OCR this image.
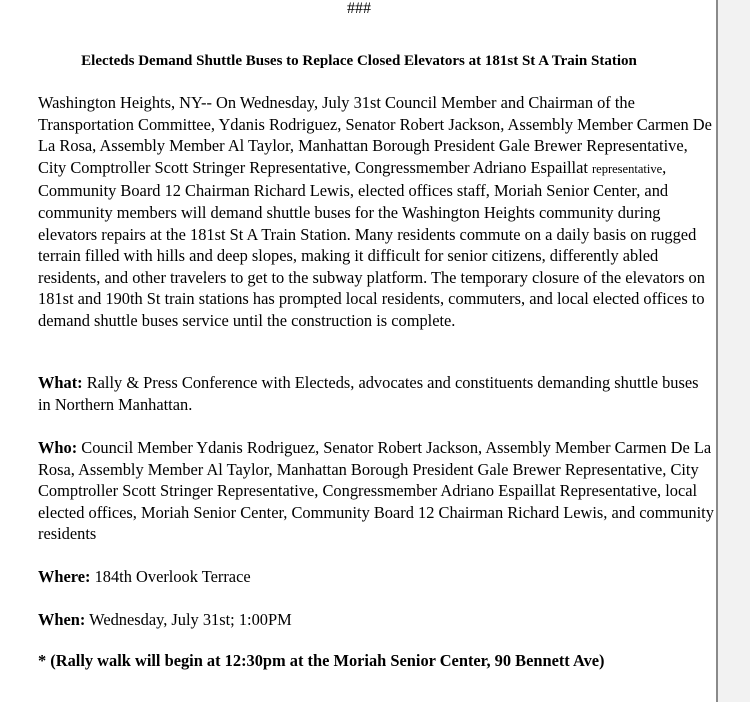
###
Electeds Demand Shuttle Buses to Replace Closed Elevators at 181st St A Train Station

Washington Heights, NY-- On Wednesday, July 31st Council Member and Chairman of the Transportation Committee, Ydanis Rodriguez, Senator Robert Jackson, Assembly Member Carmen De La Rosa, Assembly Member Al Taylor, Manhattan Borough President Gale Brewer Representative, City Comptroller Scott Stringer Representative, Congressmember Adriano Espaillat representative, Community Board 12 Chairman Richard Lewis, elected offices staff, Moriah Senior Center, and community members will demand shuttle buses for the Washington Heights community during elevators repairs at the 181st St A Train Station. Many residents commute on a daily basis on rugged terrain filled with hills and deep slopes, making it difficult for senior citizens, differently abled residents, and other travelers to get to the subway platform. The temporary closure of the elevators on 181st and 190th St train stations has prompted local residents, commuters, and local elected offices to demand shuttle buses service until the construction is complete.

What: Rally & Press Conference with Electeds, advocates and constituents demanding shuttle buses in Northern Manhattan.

Who: Council Member Ydanis Rodriguez, Senator Robert Jackson, Assembly Member Carmen De La Rosa, Assembly Member Al Taylor, Manhattan Borough President Gale Brewer Representative, City Comptroller Scott Stringer Representative, Congressmember Adriano Espaillat Representative, local elected offices, Moriah Senior Center, Community Board 12 Chairman Richard Lewis, and community residents

Where: 184th Overlook Terrace

When: Wednesday, July 31st; 1:00PM

* (Rally walk will begin at 12:30pm at the Moriah Senior Center, 90 Bennett Ave)
